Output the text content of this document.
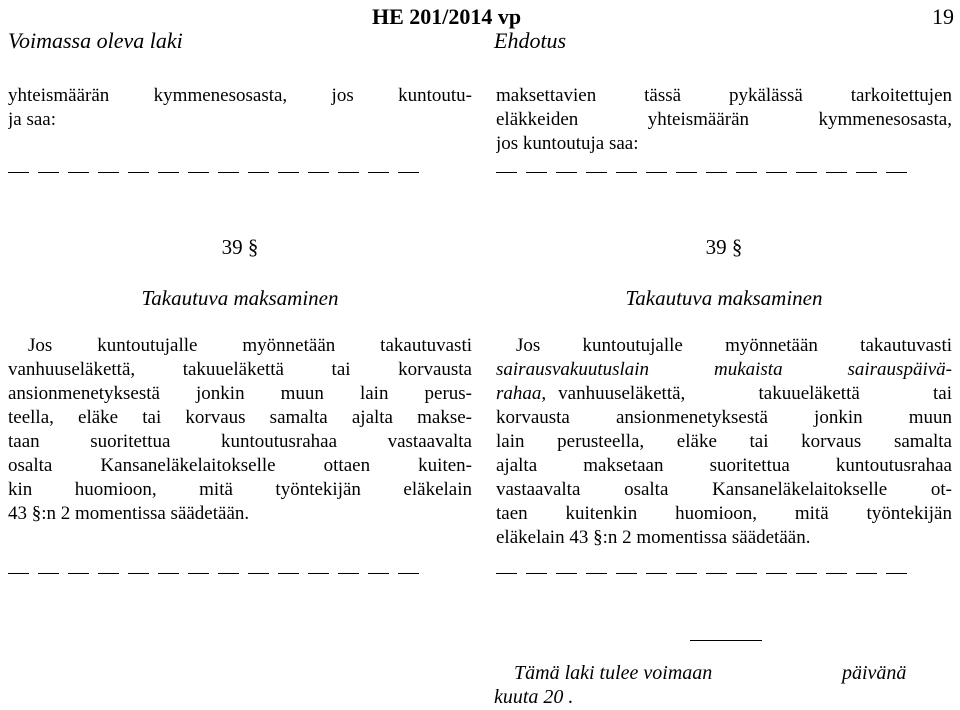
HE 201/2014 vp	19
Voimassa oleva laki	Ehdotus
yhteismäärän kymmenesosasta, jos kuntoutu-
ja saa:
39 §
Takautuva maksaminen
Jos kuntoutujalle myönnetään takautuvasti
vanhuuseläkettä, takuueläkettä tai korvausta
ansionmenetyksestä jonkin muun lain perus-
teella, eläke tai korvaus samalta ajalta makse-
taan suoritettua kuntoutusrahaa vastaavalta
osalta Kansaneläkelaitokselle ottaen kuiten-
kin huomioon, mitä työntekijän eläkelain
43 §:n 2 momentissa säädetään.
maksettavien tässä pykälässä tarkoitettujen
eläkkeiden yhteismäärän kymmenesosasta,
jos kuntoutuja saa:
39 §
Takautuva maksaminen
Jos kuntoutujalle myönnetään takautuvasti
sairausvakuutuslain mukaista sairauspäivä-
rahaa, vanhuuseläkettä, takuueläkettä tai
korvausta ansionmenetyksestä jonkin muun
lain perusteella, eläke tai korvaus samalta
ajalta maksetaan suoritettua kuntoutusrahaa
vastaavalta osalta Kansaneläkelaitokselle ot-
taen kuitenkin huomioon, mitä työntekijän
eläkelain 43 §:n 2 momentissa säädetään.
Tämä laki tulee voimaan	päivänä
kuuta 20 .
